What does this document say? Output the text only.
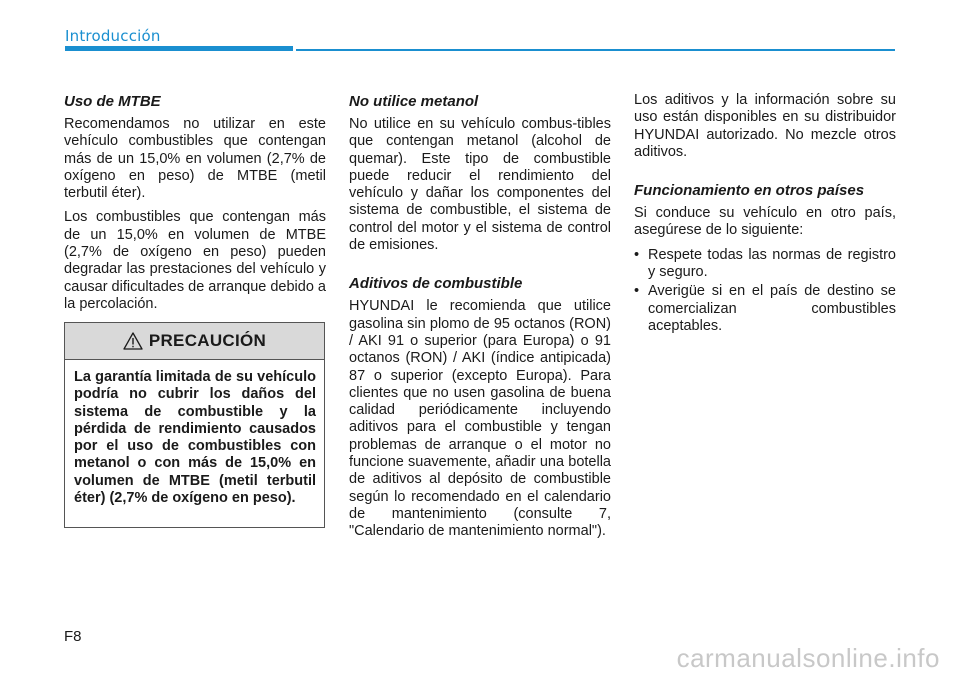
Introducción
Uso de MTBE

Recomendamos no utilizar en este vehículo combustibles que contengan más de un 15,0% en volumen (2,7% de oxígeno en peso) de MTBE (metil terbutil éter).

Los combustibles que contengan más de un 15,0% en volumen de MTBE (2,7% de oxígeno en peso) pueden degradar las prestaciones del vehículo y causar dificultades de arranque debido a la percolación.

PRECAUCIÓN
La garantía limitada de su vehículo podría no cubrir los daños del sistema de combustible y la pérdida de rendimiento causados por el uso de combustibles con metanol o con más de 15,0% en volumen de MTBE (metil terbutil éter) (2,7% de oxígeno en peso).
No utilice metanol

No utilice en su vehículo combus-tibles que contengan metanol (alcohol de quemar). Este tipo de combustible puede reducir el rendimiento del vehículo y dañar los componentes del sistema de combustible, el sistema de control del motor y el sistema de control de emisiones.

Aditivos de combustible

HYUNDAI le recomienda que utilice gasolina sin plomo de 95 octanos (RON) / AKI 91 o superior (para Europa) o 91 octanos (RON) / AKI (índice antipicada) 87 o superior (excepto Europa). Para clientes que no usen gasolina de buena calidad periódicamente incluyendo aditivos para el combustible y tengan problemas de arranque o el motor no funcione suavemente, añadir una botella de aditivos al depósito de combustible según lo recomendado en el calendario de mantenimiento (consulte 7, "Calendario de mantenimiento normal").

Los aditivos y la información sobre su uso están disponibles en su distribuidor HYUNDAI autorizado. No mezcle otros aditivos.

Funcionamiento en otros países

Si conduce su vehículo en otro país, asegúrese de lo siguiente:

• Respete todas las normas de registro y seguro.
• Averigüe si en el país de destino se comercializan combustibles aceptables.
F8
carmanualsonline.info
